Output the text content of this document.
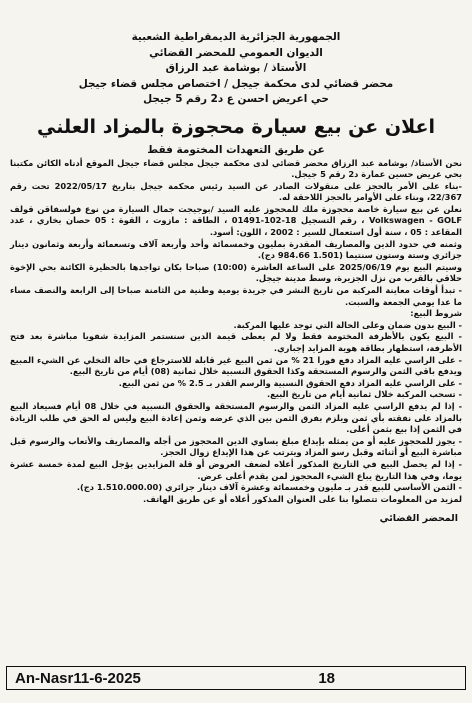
الجمهورية الجزائرية الديمقراطية الشعبية
الديوان العمومي للمحضر القضائي
الأستاذ / بوشامة عبد الرزاق
محضر قضائي لدى محكمة جيجل / اختصاص مجلس قضاء جيجل
حي اعريض احسن ع د2 رقم 5 جيجل
اعلان عن بيع سيارة محجوزة بالمزاد العلني
عن طريق التعهدات المختومة فقط

نحن الأستاذ/ بوشامة عبد الرزاق محضر قضائي لدى محكمة جيجل مجلس قضاء جيجل الموقع أدناه الكائن مكتبنا بحي عريض حسين عمارة د2 رقم 5 جيجل.

-بناء على الأمر بالحجز على منقولات الصادر عن السيد رئيس محكمة جيجل بتاريخ 2022/05/17 تحت رقم 22/367، وبناء على الأوامر بالحجز اللاحقة له.

نعلن عن بيع سيارة خاصة محجوزة ملك للمحجوز عليه السيد /بوجيجت جمال السيارة من نوع فولسفاقن قولف Volkswagen - GOLF ، رقم التسجيل 18-102-01491 ، الطاقة : مازوت ، القوة : 05 حصان بخاري ، عدد المقاعد : 05 ، سنة أول استعمال للسير : 2002 ، اللون: أسود.

وثمنه في حدود الدين والمصاريف المقدرة بمليون وخمسمائة وأحد وأربعة آلاف وتسعمائة وأربعة وثمانون دينار جزائري وستة وستون سنتيما (1.501 984.66 دج).

وسيتم البيع يوم 2025/06/19 على الساعة العاشرة (10:00) صباحا بكان تواجدها بالحظيرة الكائنة بحي الإخوة حلاقي بالقرب من نزل الجزيرة، وسط مدينة جيجل.

- تبدأ أوقات معاينة المركبة من تاريخ النشر في جريدة يومية وطنية من الثامنة صباحا إلى الرابعة والنصف مساء ما عدا يومي الجمعة والسبت.

شروط البيع:

- البيع بدون ضمان وعلى الحالة التي توجد عليها المركبة.

- البيع يكون بالأظرفة المختومة فقط ولا لم يعطى قيمة الدين سنستمر المزايدة شفويا مباشرة بعد فتح الأظرفة، استظهار بطاقة هوية المزايد إجباري.

- على الراسي عليه المزاد دفع فورا 21 % من ثمن البيع غير قابلة للاسترجاع في حالة التخلي عن الشيء المبيع ويدفع باقي الثمن والرسوم المستحقة وكذا الحقوق النسبية خلال ثمانية (08) أيام من تاريخ البيع.

- على الراسي عليه المزاد دفع الحقوق النسبية والرسم القدر بـ 2.5 % من ثمن البيع.

- تسحب المركبة خلال ثمانية أيام من تاريخ البيع.

- إذا لم يدفع الراسي عليه المزاد الثمن والرسوم المستحقة والحقوق النسبية في خلال 08 أيام فسيعاد البيع بالمزاد على نفقته بأي ثمن ويلزم بفرق الثمن بين الذي عرضه وثمن إعادة البيع وليس له الحق في طلب الزيادة في الثمن إذا بيع بثمن أعلى.

- يجوز للمحجوز عليه أو من يمثله بإيداع مبلغ يساوي الدين المحجوز من أجله والمصاريف والأتعاب والرسوم قبل مباشرة البيع أو أثنائه وقبل رسو المزاد ويترتب عن هذا الإيداع زوال الحجز.

- إذا لم يحصل البيع في التاريخ المذكور أعلاه لضعف العروض أو قلة المزايدين يؤجل البيع لمدة خمسة عشرة يوما، وفي هذا التاريخ يباع الشيء المحجوز لمن يقدم أعلى عرض.

- الثمن الأساسي للبيع قدر بـ مليون وخمسمائة وعشرة آلاف دينار جزائري (1.510.000.00 دج).

لمزيد من المعلومات تتصلوا بنا على العنوان المذكور أعلاه أو عن طريق الهاتف.

المحضر القضائي
An-Nasr11-6-2025	18
